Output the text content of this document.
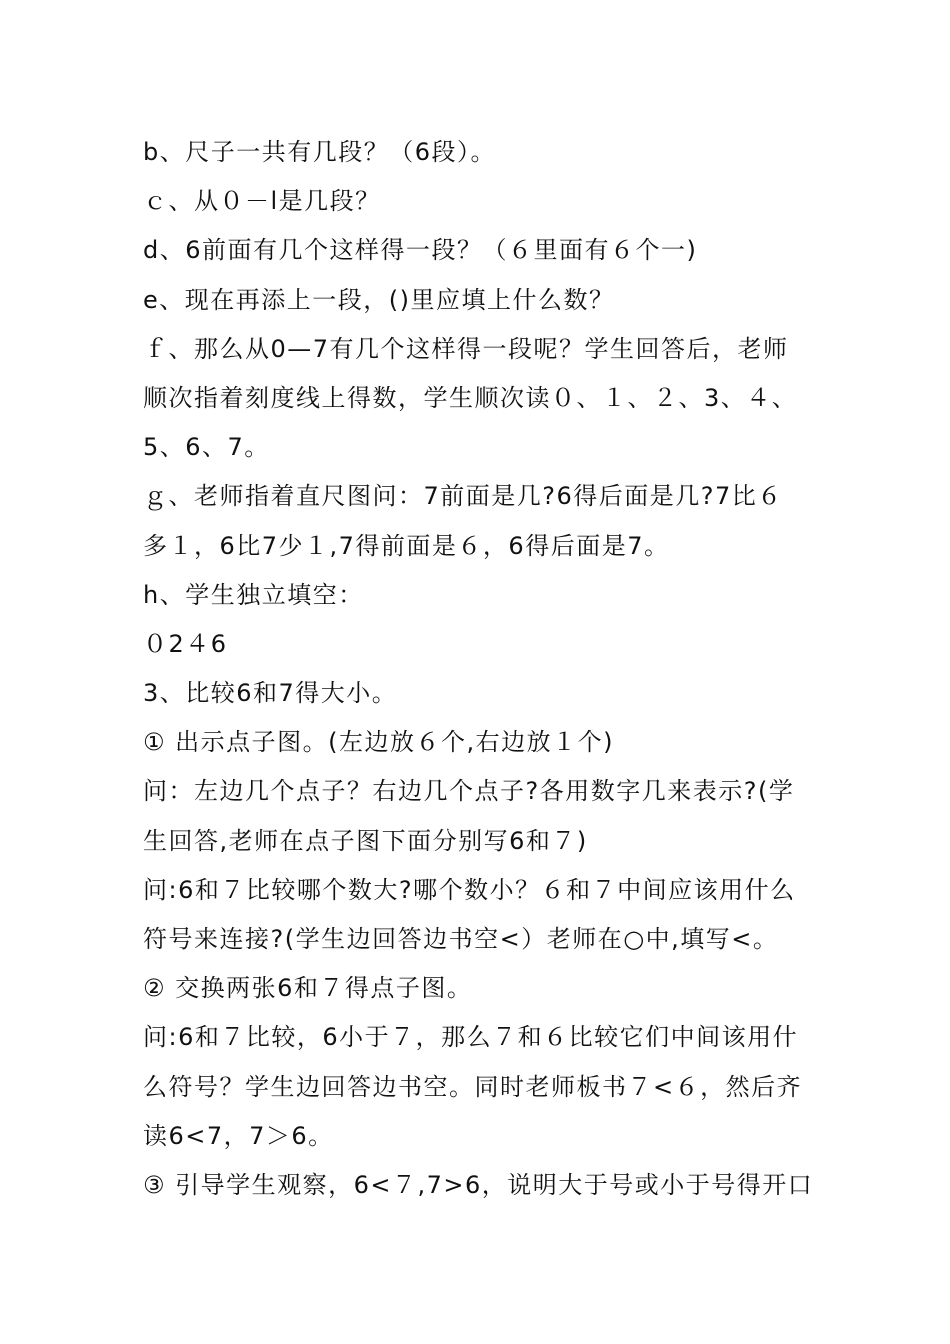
b、尺子一共有几段？（6段）。
ｃ、从０－l是几段？
d、6前面有几个这样得一段？（６里面有６个一)
e、现在再添上一段，()里应填上什么数？
ｆ、那么从0—7有几个这样得一段呢？学生回答后，老师
顺次指着刻度线上得数，学生顺次读０、１、２、3、４、
5、6、7。
ｇ、老师指着直尺图问：7前面是几?6得后面是几?7比６
多１，6比7少１,7得前面是６，6得后面是7。
h、学生独立填空：
０2４6
3、比较6和7得大小。
① 出示点子图。(左边放６个,右边放１个)
问：左边几个点子？右边几个点子?各用数字几来表示?(学
生回答,老师在点子图下面分别写6和７)
问:6和７比较哪个数大?哪个数小？６和７中间应该用什么
符号来连接?(学生边回答边书空<）老师在○中,填写<。
② 交换两张6和７得点子图。
问:6和７比较，6小于７，那么７和６比较它们中间该用什
么符号？学生边回答边书空。同时老师板书７<６，然后齐
读6<7，7＞6。
③ 引导学生观察，6<７,7>6，说明大于号或小于号得开口
